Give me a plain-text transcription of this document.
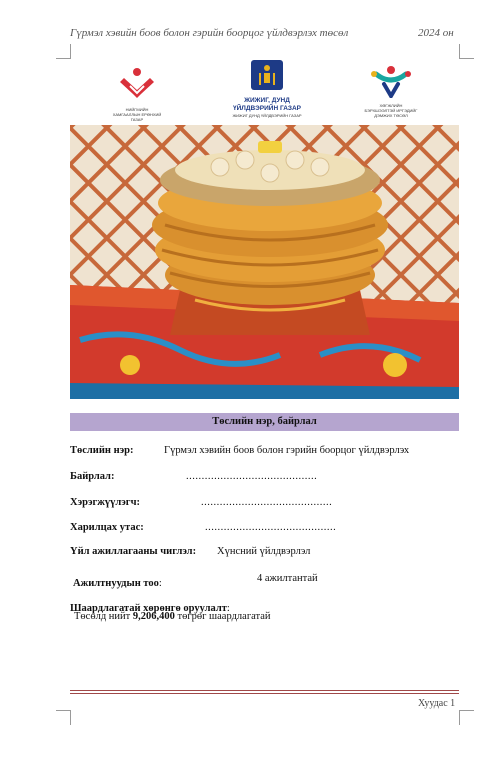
Гүрмэл хэвийн боов болон гэрийн боорцог үйлдвэрлэх төсөл	2024 он
НИЙГМИЙН ХАМГААЛЛЫН ЕРӨНХИЙ ГАЗАР
ЖИЖИГ, ДУНД ҮЙЛДВЭРИЙН ГАЗАР
ЖИЖИГ ДУНД ҮЙЛДВЭРИЙН ГАЗАР
ХӨГЖЛИЙН БЭРХШЭЭЛТЭЙ ИРГЭДИЙГ ДЭМЖИХ ТӨСӨЛ
Төслийн нэр, байрлал
Төслийн нэр:	Гүрмэл хэвийн боов болон гэрийн боорцог үйлдвэрлэх
Байрлал:	..........................................
Хэрэгжүүлэгч:	..........................................
Харилцах утас:	..........................................
Үйл ажиллагааны чиглэл: Хүнсний үйлдвэрлэл
Ажилтнуудын тоо:	4 ажилтантай
Шаардлагатай хөрөнгө оруулалт:
Төсөлд нийт 9,206,400 төгрөг шаардлагатай
Хуудас 1
